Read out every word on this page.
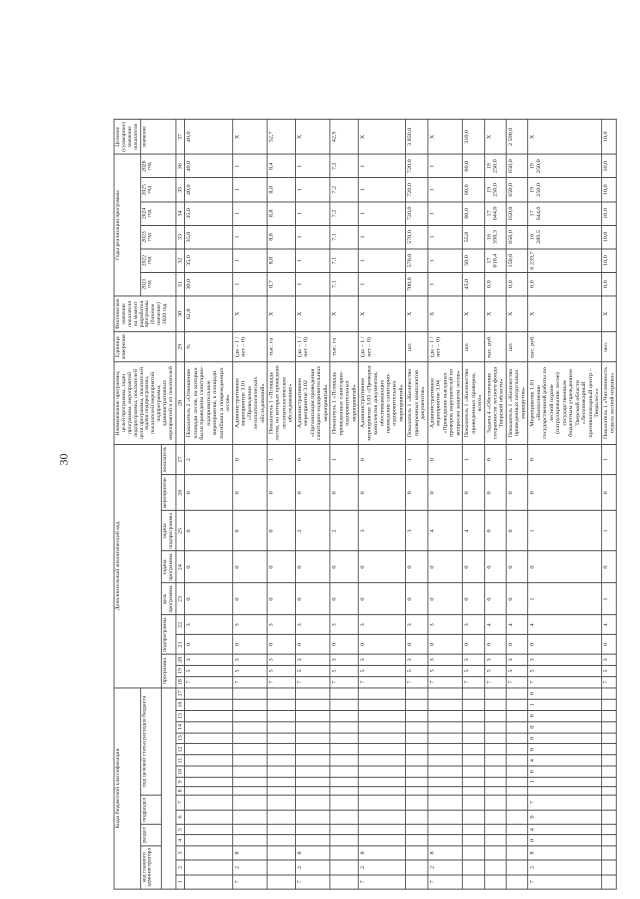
30
Коды бюджетной классификации																	Дополнительный аналитический код										Наименование программы, целей программы, задач программы, мероприятий подпрограммы, показателей цели программы, показателей задачи подпрограммы, показателей мероприятий подпрограммы, административных мероприятий и их показателей	Единица измерения	Фактическое значение показателя на момент разработки программы (базовое значение) 2020 год	Годы реализации программы						Целевое (суммарное) значение показателя
код главного администратора			раздел		подраздел		под целевой статьи расходов бюджета																							2021 год	2022 год	2023 год	2024 год	2025 год	2026 год	значение
																	программа			подпрограмма		цель программы	задача программы	задача подпрограммы	мероприятие	показатель										
1	2	3	4	5	6	7	8	9	10	11	12	13	14	15	16	17	18	19	20	21	22	23	24	25	26	27	28	29	30	31	32	33	34	35	36	37
																	7	5	3	0	3	0	0	0	0	2	Показатель 2 «Отношение площади лесов, на которых были проведены санитарно-оздоровительные мероприятия, к площади погибших и поврежденных лесов»	%	62,8	30,0	35,0	35,0	35,0	40,0	40,0	40,0
7	2	8															7	5	3	0	3	0	0	0	0	0	Административное мероприятие 3.01 «Проведение лесопатологических обследований»	(да – 1 / нет – 0)	X	1	1	1	1	1	1	X
																	7	5	3	0	3	0	0	0	0	1	Показатель 1 «Площадь лесов, на которых проведено лесопатологическое обследование»	тыс. га	X	8,7	8,8	8,8	8,8	8,8	8,4	52,7
7	2	8															7	5	3	0	3	0	0	2	0	0	Административное мероприятие 3.02 «Организация проведения санитарно-оздоровительных мероприятий»	(да – 1 / нет – 0)	X	1	1	1	1	1	1	X
																	7	5	3	0	3	0	0	2	0	1	Показатель 1 «Площадь проведенных санитарно-оздоровительных мероприятий»	тыс. га	X	7,1	7,1	7,1	7,2	7,2	7,2	42,9
7	2	8															7	5	3	0	3	0	0	3	0	0	Административное мероприятие 3.03 «Проверка комплектов документов, обосновывающих проведение санитарно-оздоровительных мероприятий»	(да – 1 / нет – 0)	X	1	1	1	1	1	1	X
																	7	5	3	0	3	0	0	3	0	1	Показатель 1 «Количество проверенных комплектов документов»	шт.	X	700,0	570,0	570,0	720,0	720,0	720,0	3 850,0
7	2	8															7	5	3	0	3	0	0	4	0	0	Административное мероприятие 3.04 «Проведение выездных проверок нарушителей по вопросам защиты лесов»	(да – 1 / нет – 0)	X	1	1	1	1	1	1	X
																	7	5	3	0	3	0	0	4	0	1	Показатель 1 «Количество проведенных проверок, всего»	шт.	X	45,0	50,0	55,0	60,0	60,0	60,0	310,0
																	7	5	3	0	4	0	0	0	0	0	Задача 4 «Обеспечение сохранности лесного фонда Тверской области»	тыс. руб.	X	0,0	17 010,4	16 598,3	17 644,0	19 250,0	19 250,0	X
																	7	5	3	0	4	0	0	0	0	1	Показатель 1 «Количество проведенных патрульных маршрутов»	шт.	X	0,0	150,0	650,0	650,0	650,0	650,0	2 590,0
7	2	8	0	4	0	7		1	0	4	0	0	0	0	1	0	7	5	3	0	4	1	0	1	0	0	Мероприятие 1.01 «Выполнение государственной работы по лесной охране (патрулирование лесов) государственным бюджетным учреждением Тверской области «Лесопожарный противопожарный центр – Тверьлес»»	тыс. руб.	X	0,0	6 239,7	16 289,5	17 644,0	19 250,0	19 250,0	X
																	7	5	3	0	4	1	0	1	0	1	Показатель 1 «Численность отдела лесной охраны»	чел.	X	0,0	10,0	10,0	10,0	10,0	10,0	10,0
